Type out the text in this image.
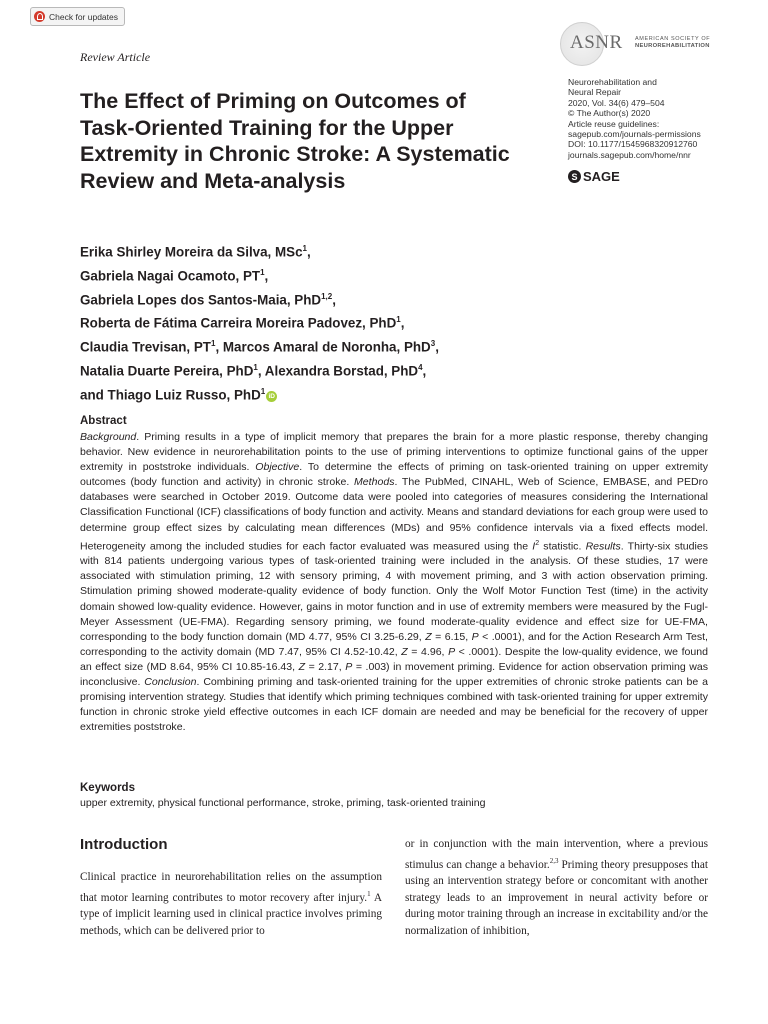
Check for updates
Review Article
ASNR AMERICAN SOCIETY OF
NEUROREHABILITATION
The Effect of Priming on Outcomes of Task-Oriented Training for the Upper Extremity in Chronic Stroke: A Systematic Review and Meta-analysis
Neurorehabilitation and
Neural Repair
2020, Vol. 34(6) 479–504
© The Author(s) 2020
Article reuse guidelines:
sagepub.com/journals-permissions
DOI: 10.1177/1545968320912760
journals.sagepub.com/home/nnr
S SAGE
Erika Shirley Moreira da Silva, MSc$^1$,
Gabriela Nagai Ocamoto, $PT^1$,
Gabriela Lopes dos Santos-Maia, PhD$^{1,2}$,
Roberta de Fátima Carreira Moreira Padovez, PhD$^1$,
Claudia Trevisan, $PT^1$, Marcos Amaral de Noronha, PhD$^3$,
Natalia Duarte Pereira, PhD$^1$, Alexandra Borstad, PhD$^4$,
and Thiago Luiz Russo, PhD$^1$iD
Abstract

Background. Priming results in a type of implicit memory that prepares the brain for a more plastic response, thereby changing behavior. New evidence in neurorehabilitation points to the use of priming interventions to optimize functional gains of the upper extremity in poststroke individuals. Objective. To determine the effects of priming on task-oriented training on upper extremity outcomes (body function and activity) in chronic stroke. Methods. The PubMed, CINAHL, Web of Science, EMBASE, and PEDro databases were searched in October 2019. Outcome data were pooled into categories of measures considering the International Classification Functional (ICF) classifications of body function and activity. Means and standard deviations for each group were used to determine group effect sizes by calculating mean differences (MDs) and 95% confidence intervals via a fixed effects model. Heterogeneity among the included studies for each factor evaluated was measured using the $I^2$ statistic. Results. Thirty-six studies with 814 patients undergoing various types of task-oriented training were included in the analysis. Of these studies, 17 were associated with stimulation priming, 12 with sensory priming, 4 with movement priming, and 3 with action observation priming. Stimulation priming showed moderate-quality evidence of body function. Only the Wolf Motor Function Test (time) in the activity domain showed low-quality evidence. However, gains in motor function and in use of extremity members were measured by the Fugl-Meyer Assessment (UE-FMA). Regarding sensory priming, we found moderate-quality evidence and effect size for UE-FMA, corresponding to the body function domain (MD 4.77, 95% CI 3.25-6.29, Z = 6.15, P < .0001), and for the Action Research Arm Test, corresponding to the activity domain (MD 7.47, 95% CI 4.52-10.42, Z = 4.96, P < .0001). Despite the low-quality evidence, we found an effect size (MD 8.64, 95% CI 10.85-16.43, Z = 2.17, P = .003) in movement priming. Evidence for action observation priming was inconclusive. Conclusion. Combining priming and task-oriented training for the upper extremities of chronic stroke patients can be a promising intervention strategy. Studies that identify which priming techniques combined with task-oriented training for upper extremity function in chronic stroke yield effective outcomes in each ICF domain are needed and may be beneficial for the recovery of upper extremities poststroke.

Keywords
upper extremity, physical functional performance, stroke, priming, task-oriented training
Introduction

Clinical practice in neurorehabilitation relies on the assumption that motor learning contributes to motor recovery after injury.$^1$ A type of implicit learning used in clinical practice involves priming methods, which can be delivered prior to

or in conjunction with the main intervention, where a previous stimulus can change a behavior.$^{2,3}$ Priming theory presupposes that using an intervention strategy before or concomitant with another strategy leads to an improvement in neural activity before or during motor training through an increase in excitability and/or the normalization of inhibition,
